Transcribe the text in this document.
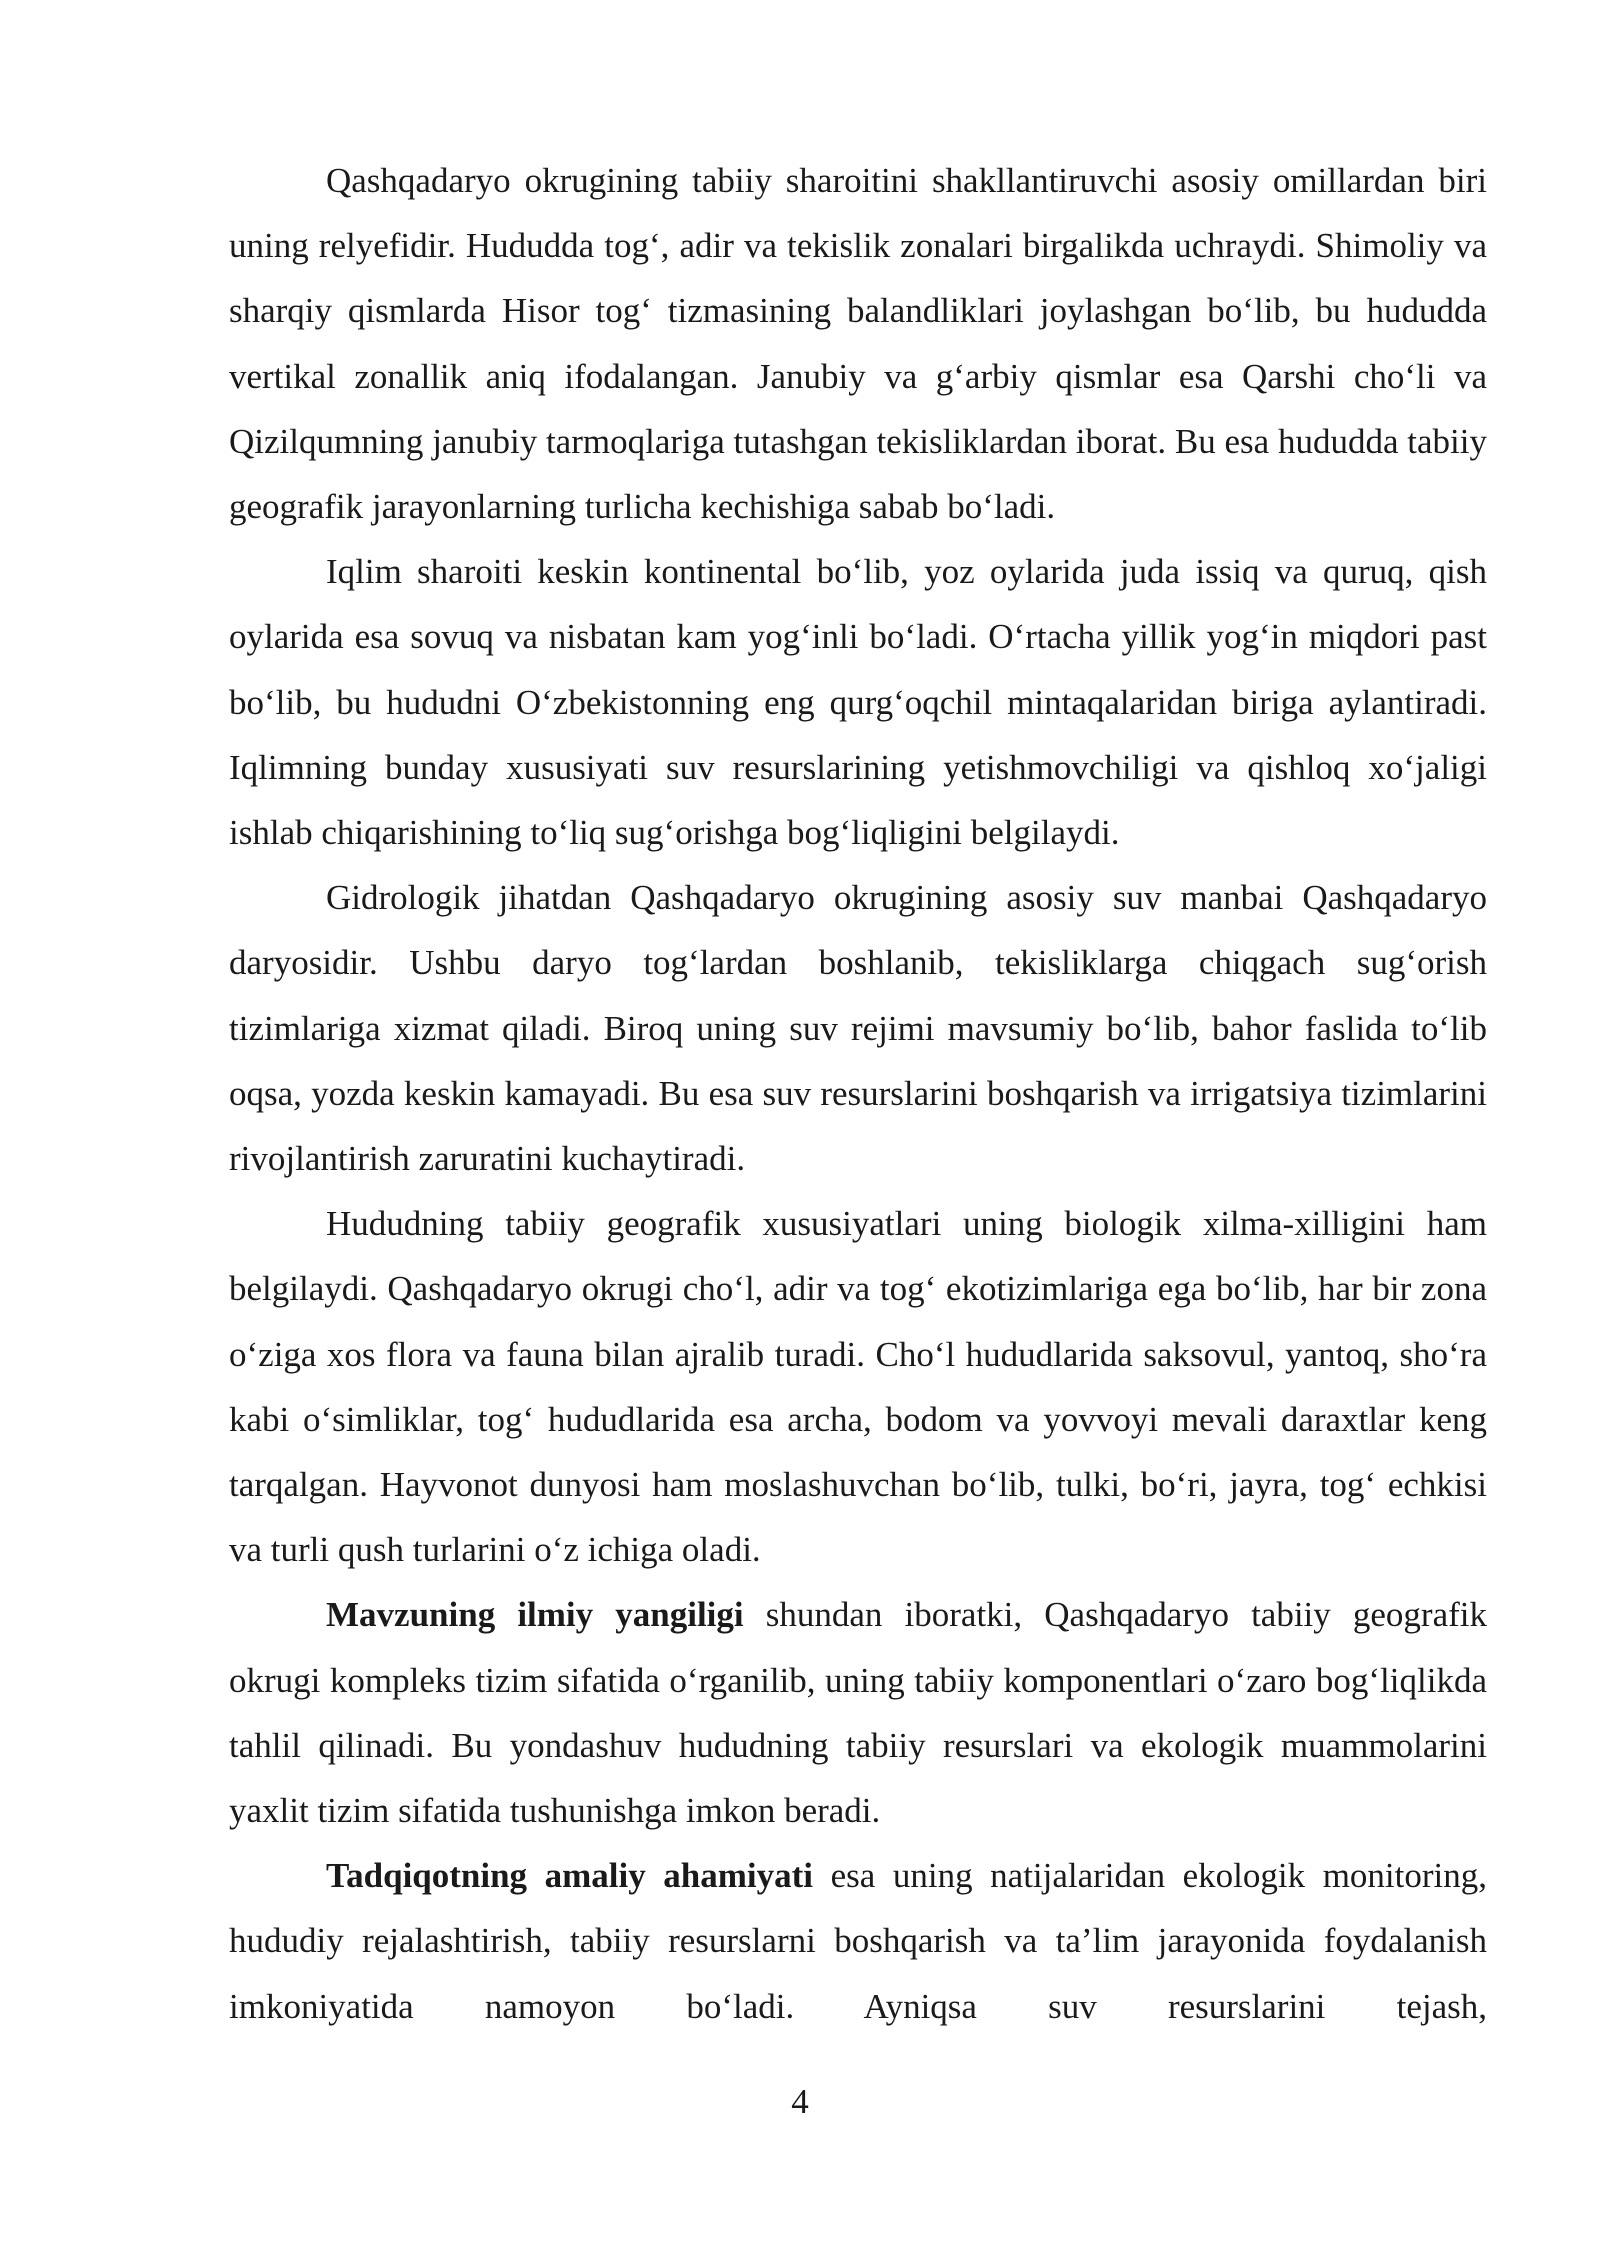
Qashqadaryo okrugining tabiiy sharoitini shakllantiruvchi asosiy omillardan biri uning relyefidir. Hududda tog‘, adir va tekislik zonalari birgalikda uchraydi. Shimoliy va sharqiy qismlarda Hisor tog‘ tizmasining balandliklari joylashgan bo‘lib, bu hududda vertikal zonallik aniq ifodalangan. Janubiy va g‘arbiy qismlar esa Qarshi cho‘li va Qizilqumning janubiy tarmoqlariga tutashgan tekisliklardan iborat. Bu esa hududda tabiiy geografik jarayonlarning turlicha kechishiga sabab bo‘ladi.

Iqlim sharoiti keskin kontinental bo‘lib, yoz oylarida juda issiq va quruq, qish oylarida esa sovuq va nisbatan kam yog‘inli bo‘ladi. O‘rtacha yillik yog‘in miqdori past bo‘lib, bu hududni O‘zbekistonning eng qurg‘oqchil mintaqalaridan biriga aylantiradi. Iqlimning bunday xususiyati suv resurslarining yetishmovchiligi va qishloq xo‘jaligi ishlab chiqarishining to‘liq sug‘orishga bog‘liqligini belgilaydi.

Gidrologik jihatdan Qashqadaryo okrugining asosiy suv manbai Qashqadaryo daryosidir. Ushbu daryo tog‘lardan boshlanib, tekisliklarga chiqgach sug‘orish tizimlariga xizmat qiladi. Biroq uning suv rejimi mavsumiy bo‘lib, bahor faslida to‘lib oqsa, yozda keskin kamayadi. Bu esa suv resurslarini boshqarish va irrigatsiya tizimlarini rivojlantirish zaruratini kuchaytiradi.

Hududning tabiiy geografik xususiyatlari uning biologik xilma-xilligini ham belgilaydi. Qashqadaryo okrugi cho‘l, adir va tog‘ ekotizimlariga ega bo‘lib, har bir zona o‘ziga xos flora va fauna bilan ajralib turadi. Cho‘l hududlarida saksovul, yantoq, sho‘ra kabi o‘simliklar, tog‘ hududlarida esa archa, bodom va yovvoyi mevali daraxtlar keng tarqalgan. Hayvonot dunyosi ham moslashuvchan bo‘lib, tulki, bo‘ri, jayra, tog‘ echkisi va turli qush turlarini o‘z ichiga oladi.

Mavzuning ilmiy yangiligi shundan iboratki, Qashqadaryo tabiiy geografik okrugi kompleks tizim sifatida o‘rganilib, uning tabiiy komponentlari o‘zaro bog‘liqlikda tahlil qilinadi. Bu yondashuv hududning tabiiy resurslari va ekologik muammolarini yaxlit tizim sifatida tushunishga imkon beradi.

Tadqiqotning amaliy ahamiyati esa uning natijalaridan ekologik monitoring, hududiy rejalashtirish, tabiiy resurslarni boshqarish va ta’lim jarayonida foydalanish imkoniyatida namoyon bo‘ladi. Ayniqsa suv resurslarini tejash,

4
